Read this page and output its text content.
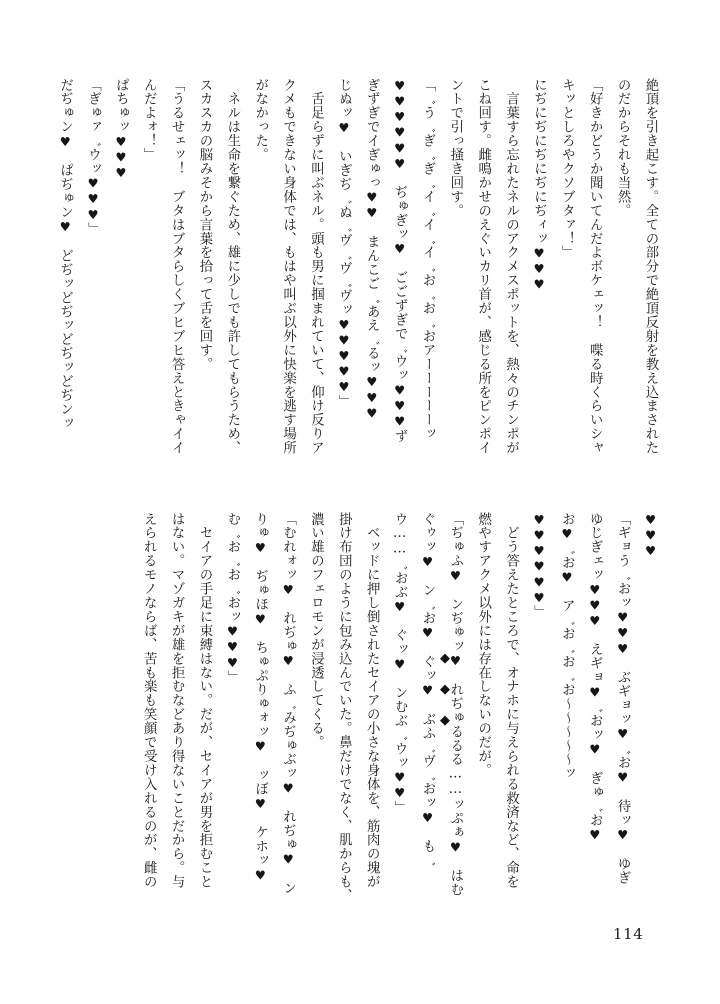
絶頂を引き起こす。全ての部分で絶頂反射を教え込まされた
のだからそれも当然。
「好きかどうか聞いてんだよボケェッ！　喋る時くらいシャ
キッとしろやクソブタァ！」
にぢにぢにぢにぢにぢィッ♥♥♥
　言葉すら忘れたネルのアクメスポットを、熱々のチンポが
こね回す。雌鳴かせのえぐいカリ首が、感じる所をピンポイ
ントで引っ掻き回す。
「゛う゛ぎ゛ぎ゛イ゛イ゛イ゛お゛お゛おアーーーーーッ
♥♥♥♥♥♥　ぢゅぎッ♥　ごごずぎで゛ウッ♥♥♥ず
ぎずぎでイぎゅっ♥♥　まんこご゛あえ゛るッ♥♥♥
じぬッ♥　いぎぢ゛ぬ゛ヴ゛ヴ゛ヴッ♥♥♥♥♥」
　舌足らずに叫ぶネル。頭も男に掴まれていて、仰け反りア
クメもできない身体では、もはや叫ぶ以外に快楽を逃す場所
がなかった。
　ネルは生命を繋ぐため、雄に少しでも許してもらうため、
スカスカの脳みそから言葉を拾って舌を回す。
「うるせェッ！　ブタはブタらしくブヒブヒ答えときゃイイ
んだよォ！」
ぱちゅッ♥♥♥
「ぎゅァ゛ウッ♥♥♥」
だぢゅン♥　ぱぢゅン♥　どぢッどぢッどぢッどぢンッ
◆
◆
◆
♥♥♥
「ギョう゛おッ♥♥♥　ぶギョッ♥゛お♥　待ッ♥　ゆぎ
ゆじぎェッ♥♥♥　えギョ♥゛おッ♥　ぎゅ゛お♥
お♥゛お♥　ア゛お゛お゛お〜〜〜〜〜ッ
♥♥♥♥♥♥」
　どう答えたところで、オナホに与えられる救済など、命を
燃やすアクメ以外には存在しないのだが。
「ぢゅふ♥　ンぢゅッ♥　れぢゅるるる……ッぷぁ♥　はむ
ぐゥッ♥　ン゛お♥　ぐッ♥　ぶふ゛ヴ゛おッ♥　も゛
ウ……゛おぶ♥　ぐッ♥　ンむぶ゛ウッ♥♥」
　ベッドに押し倒されたセイアの小さな身体を、筋肉の塊が
掛け布団のように包み込んでいた。鼻だけでなく、肌からも、
濃い雄のフェロモンが浸透してくる。
「むれォッ♥　れぢゅ♥　ふ゛みぢゅぶッ♥　れぢゅ♥　ン
りゅ♥　ぢゅほ♥　ちゅぷりゅォッ♥　ッぼ♥　ケホッ♥
む゛お゛お゛おッ♥♥♥」
　セイアの手足に束縛はない。だが、セイアが男を拒むこと
はない。マゾガキが雄を拒むなどあり得ないことだから。与
えられるモノならば、苦も楽も笑顔で受け入れるのが、雌の
114
